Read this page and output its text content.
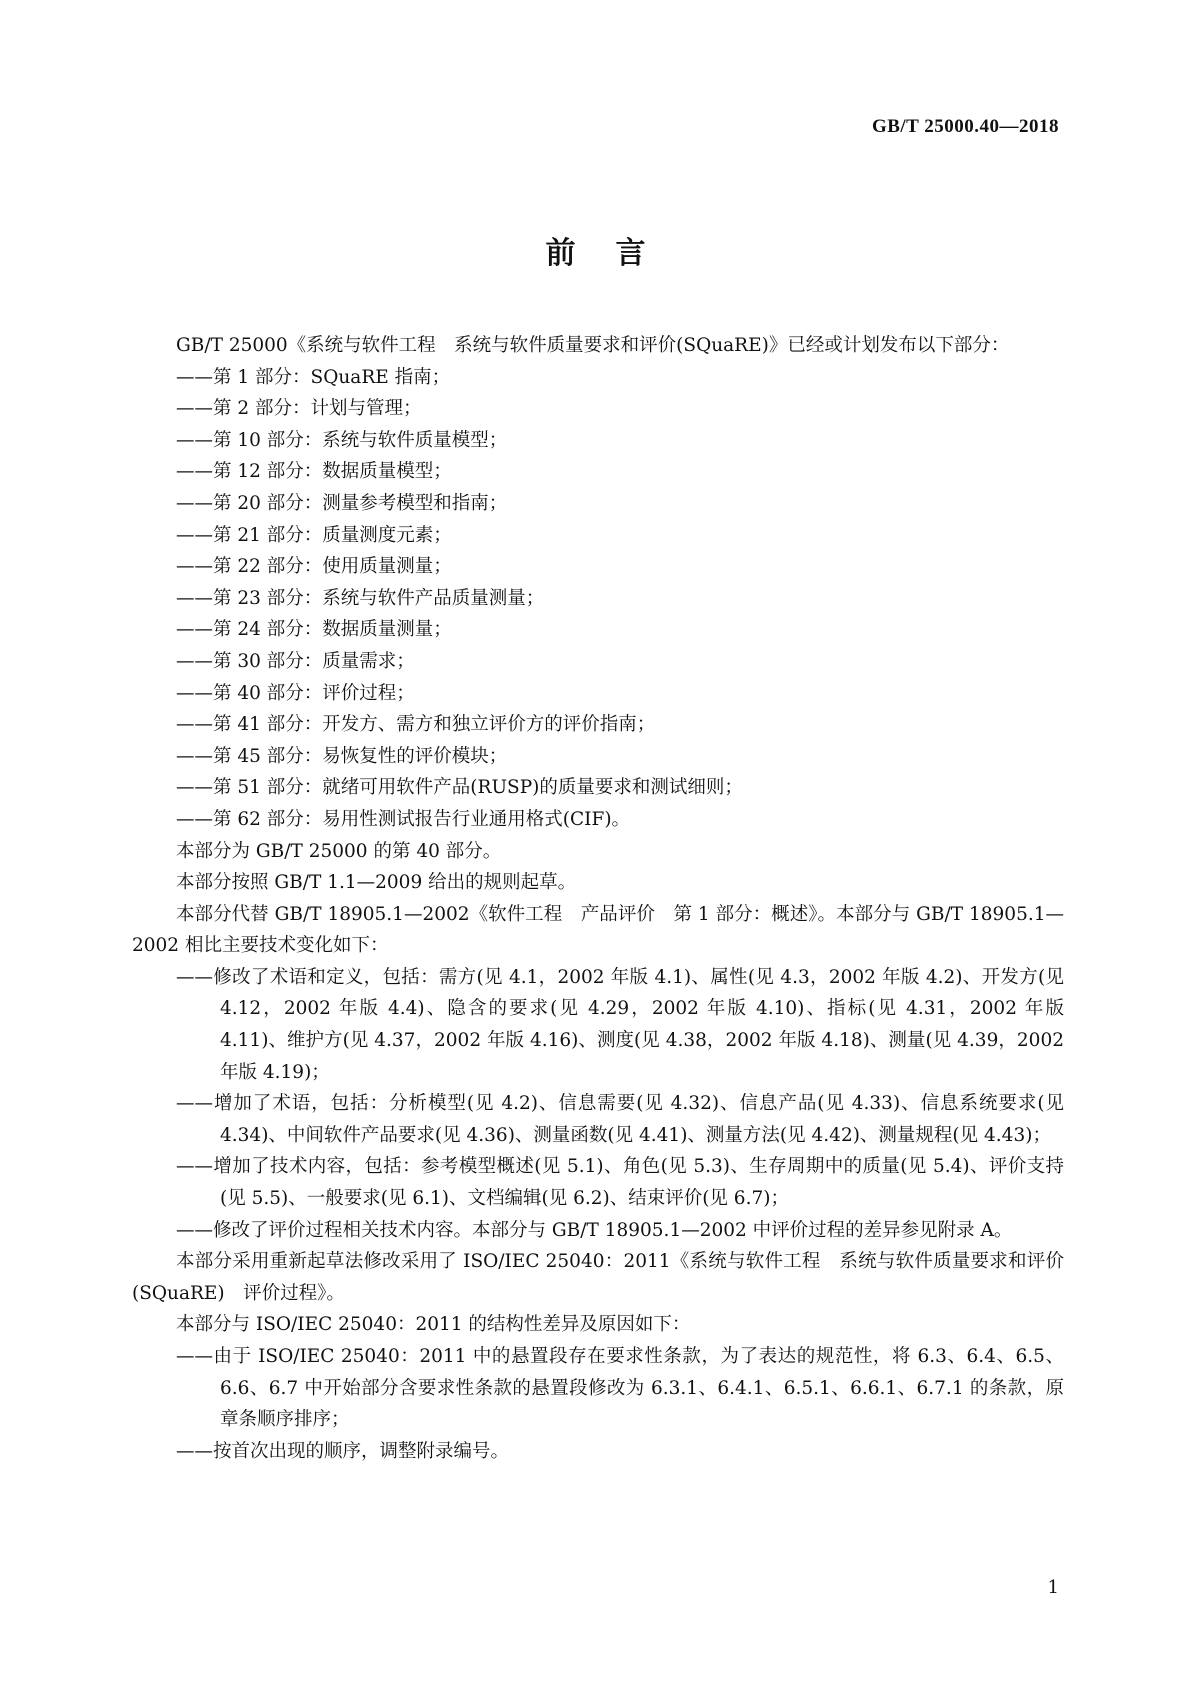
GB/T 25000.40—2018
前言

GB/T 25000《系统与软件工程　系统与软件质量要求和评价(SQuaRE)》已经或计划发布以下部分：

——第 1 部分：SQuaRE 指南；

——第 2 部分：计划与管理；

——第 10 部分：系统与软件质量模型；

——第 12 部分：数据质量模型；

——第 20 部分：测量参考模型和指南；

——第 21 部分：质量测度元素；

——第 22 部分：使用质量测量；

——第 23 部分：系统与软件产品质量测量；

——第 24 部分：数据质量测量；

——第 30 部分：质量需求；

——第 40 部分：评价过程；

——第 41 部分：开发方、需方和独立评价方的评价指南；

——第 45 部分：易恢复性的评价模块；

——第 51 部分：就绪可用软件产品(RUSP)的质量要求和测试细则；

——第 62 部分：易用性测试报告行业通用格式(CIF)。

本部分为 GB/T 25000 的第 40 部分。

本部分按照 GB/T 1.1—2009 给出的规则起草。

本部分代替 GB/T 18905.1—2002《软件工程　产品评价　第 1 部分：概述》。本部分与 GB/T 18905.1—2002 相比主要技术变化如下：

——修改了术语和定义，包括：需方(见 4.1，2002 年版 4.1)、属性(见 4.3，2002 年版 4.2)、开发方(见 4.12，2002 年版 4.4)、隐含的要求(见 4.29，2002 年版 4.10)、指标(见 4.31，2002 年版 4.11)、维护方(见 4.37，2002 年版 4.16)、测度(见 4.38，2002 年版 4.18)、测量(见 4.39，2002 年版 4.19)；

——增加了术语，包括：分析模型(见 4.2)、信息需要(见 4.32)、信息产品(见 4.33)、信息系统要求(见 4.34)、中间软件产品要求(见 4.36)、测量函数(见 4.41)、测量方法(见 4.42)、测量规程(见 4.43)；

——增加了技术内容，包括：参考模型概述(见 5.1)、角色(见 5.3)、生存周期中的质量(见 5.4)、评价支持(见 5.5)、一般要求(见 6.1)、文档编辑(见 6.2)、结束评价(见 6.7)；

——修改了评价过程相关技术内容。本部分与 GB/T 18905.1—2002 中评价过程的差异参见附录 A。

本部分采用重新起草法修改采用了 ISO/IEC 25040：2011《系统与软件工程　系统与软件质量要求和评价(SQuaRE)　评价过程》。

本部分与 ISO/IEC 25040：2011 的结构性差异及原因如下：

——由于 ISO/IEC 25040：2011 中的悬置段存在要求性条款，为了表达的规范性，将 6.3、6.4、6.5、6.6、6.7 中开始部分含要求性条款的悬置段修改为 6.3.1、6.4.1、6.5.1、6.6.1、6.7.1 的条款，原章条顺序排序；

——按首次出现的顺序，调整附录编号。

1
